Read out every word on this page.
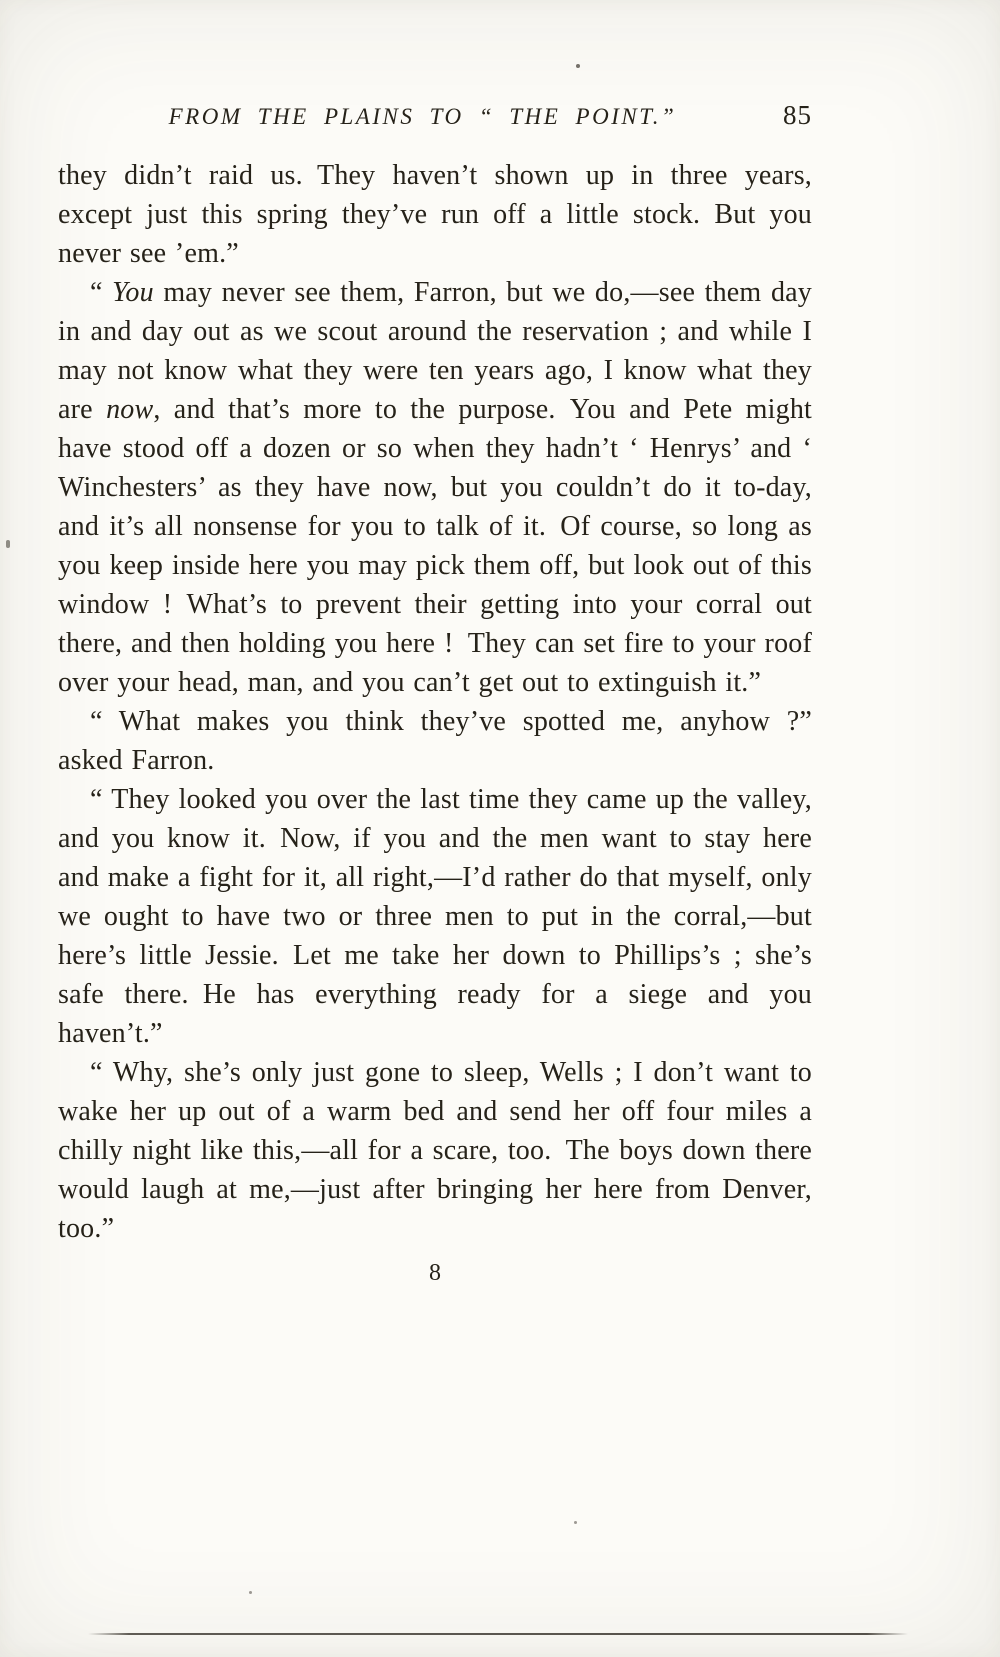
FROM THE PLAINS TO “ THE POINT.”	85

they didn’t raid us. They haven’t shown up in three years, except just this spring they’ve run off a little stock. But you never see ’em.”

“ You may never see them, Farron, but we do,—see them day in and day out as we scout around the reservation ; and while I may not know what they were ten years ago, I know what they are now, and that’s more to the purpose. You and Pete might have stood off a dozen or so when they hadn’t ‘ Henrys’ and ‘ Winchesters’ as they have now, but you couldn’t do it to-day, and it’s all nonsense for you to talk of it. Of course, so long as you keep inside here you may pick them off, but look out of this window ! What’s to prevent their getting into your corral out there, and then holding you here ! They can set fire to your roof over your head, man, and you can’t get out to extinguish it.”

“ What makes you think they’ve spotted me, anyhow ?” asked Farron.

“ They looked you over the last time they came up the valley, and you know it. Now, if you and the men want to stay here and make a fight for it, all right,—I’d rather do that myself, only we ought to have two or three men to put in the corral,—but here’s little Jessie. Let me take her down to Phillips’s ; she’s safe there. He has everything ready for a siege and you haven’t.”

“ Why, she’s only just gone to sleep, Wells ; I don’t want to wake her up out of a warm bed and send her off four miles a chilly night like this,—all for a scare, too. The boys down there would laugh at me,—just after bringing her here from Denver, too.”

8
